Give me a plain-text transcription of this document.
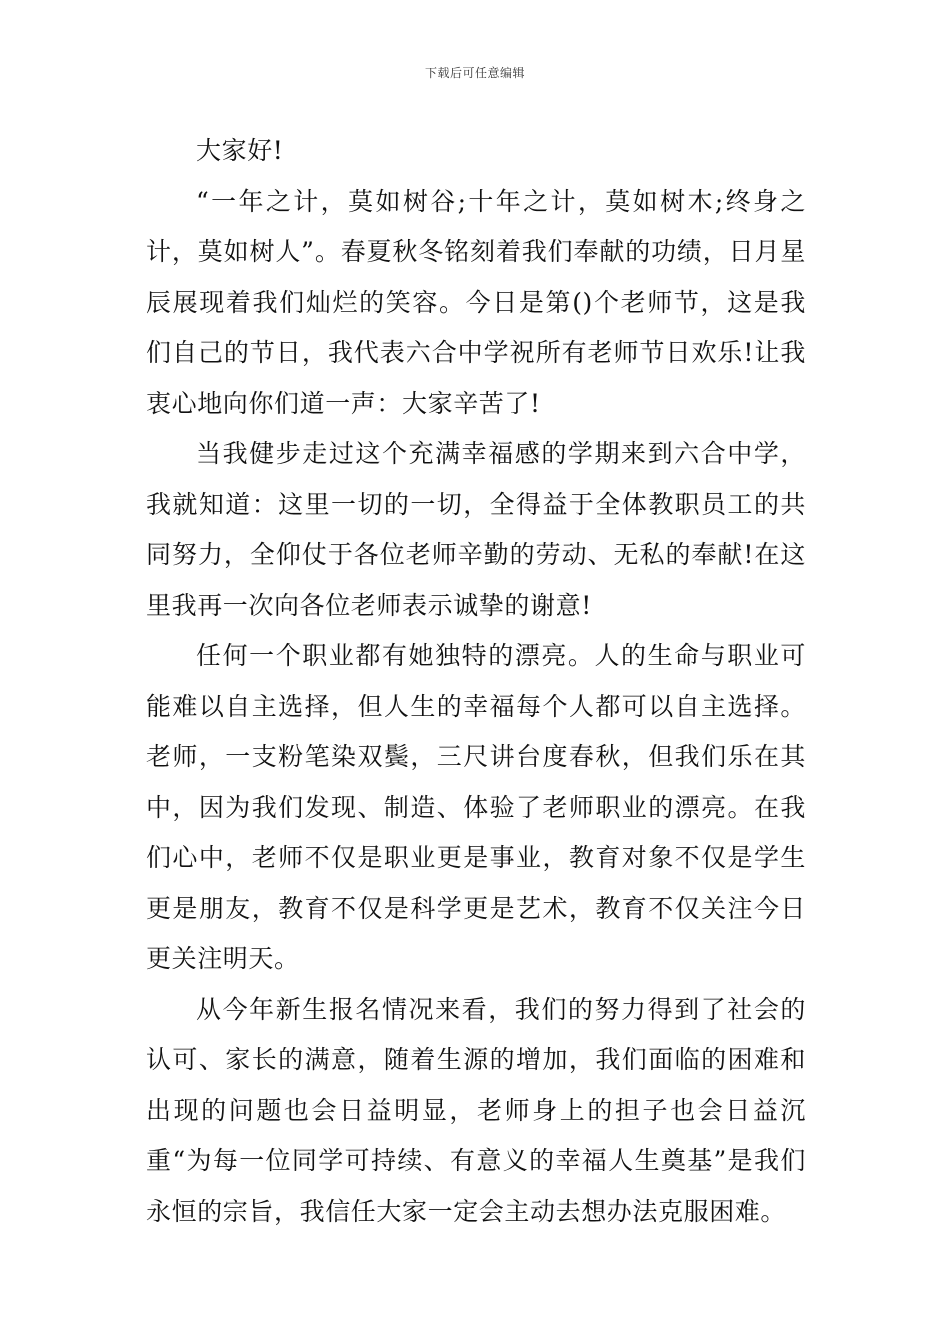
下载后可任意编辑

大家好!

“一年之计，莫如树谷;十年之计，莫如树木;终身之计，莫如树人”。春夏秋冬铭刻着我们奉献的功绩，日月星辰展现着我们灿烂的笑容。今日是第()个老师节，这是我们自己的节日，我代表六合中学祝所有老师节日欢乐!让我衷心地向你们道一声：大家辛苦了!

当我健步走过这个充满幸福感的学期来到六合中学，我就知道：这里一切的一切，全得益于全体教职员工的共同努力，全仰仗于各位老师辛勤的劳动、无私的奉献!在这里我再一次向各位老师表示诚挚的谢意!

任何一个职业都有她独特的漂亮。人的生命与职业可能难以自主选择，但人生的幸福每个人都可以自主选择。老师，一支粉笔染双鬓，三尺讲台度春秋，但我们乐在其中，因为我们发现、制造、体验了老师职业的漂亮。在我们心中，老师不仅是职业更是事业，教育对象不仅是学生更是朋友，教育不仅是科学更是艺术，教育不仅关注今日更关注明天。

从今年新生报名情况来看，我们的努力得到了社会的认可、家长的满意，随着生源的增加，我们面临的困难和出现的问题也会日益明显，老师身上的担子也会日益沉重“为每一位同学可持续、有意义的幸福人生奠基”是我们永恒的宗旨，我信任大家一定会主动去想办法克服困难。
